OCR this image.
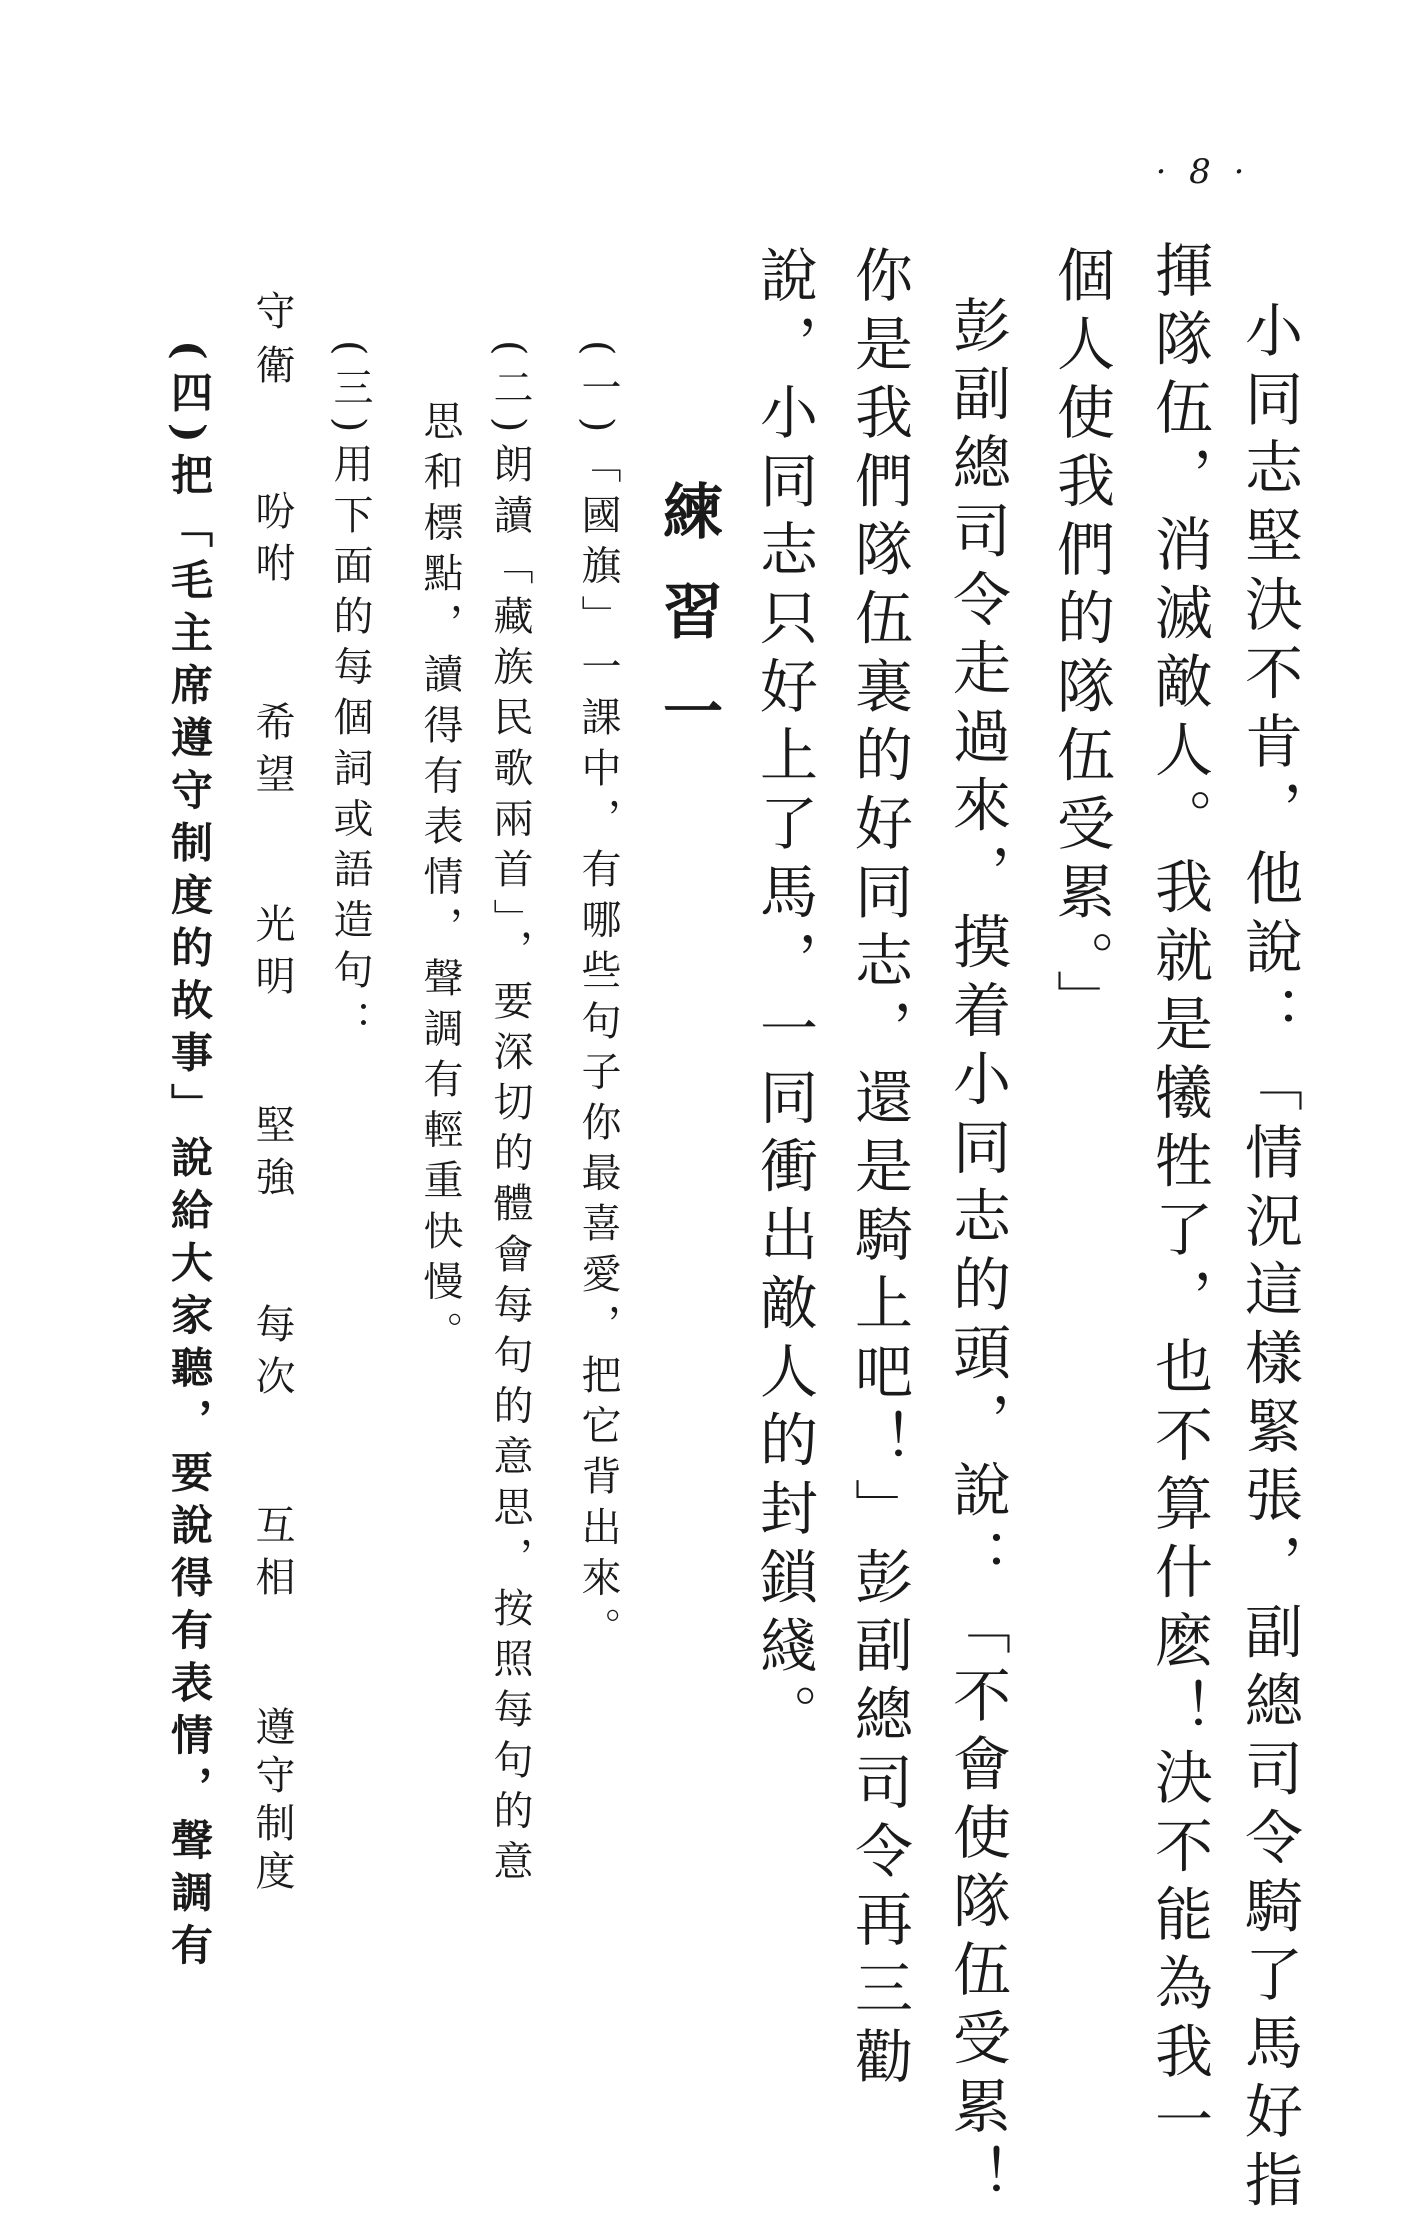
· 8 ·
小同志堅決不肯，他說：「情況這樣緊張，副總司令騎了馬好指
揮隊伍，消滅敵人。我就是犧牲了，也不算什麽！決不能為我一
個人使我們的隊伍受累。」
彭副總司令走過來，摸着小同志的頭，說：「不會使隊伍受累！
你是我們隊伍裏的好同志，還是騎上吧！」彭副總司令再三勸
說，小同志只好上了馬，一同衝出敵人的封鎖綫。
練習一
(一)「國旗」一課中，有哪些句子你最喜愛，把它背出來。
(二)朗讀「藏族民歌兩首」，要深切的體會每句的意思，按照每句的意
思和標點，讀得有表情，聲調有輕重快慢。
(三)用下面的每個詞或語造句：
吩咐 希望 光明 堅強 每次 互相 遵守制度
守衛
(四)把「毛主席遵守制度的故事」說給大家聽，要說得有表情，聲調有
